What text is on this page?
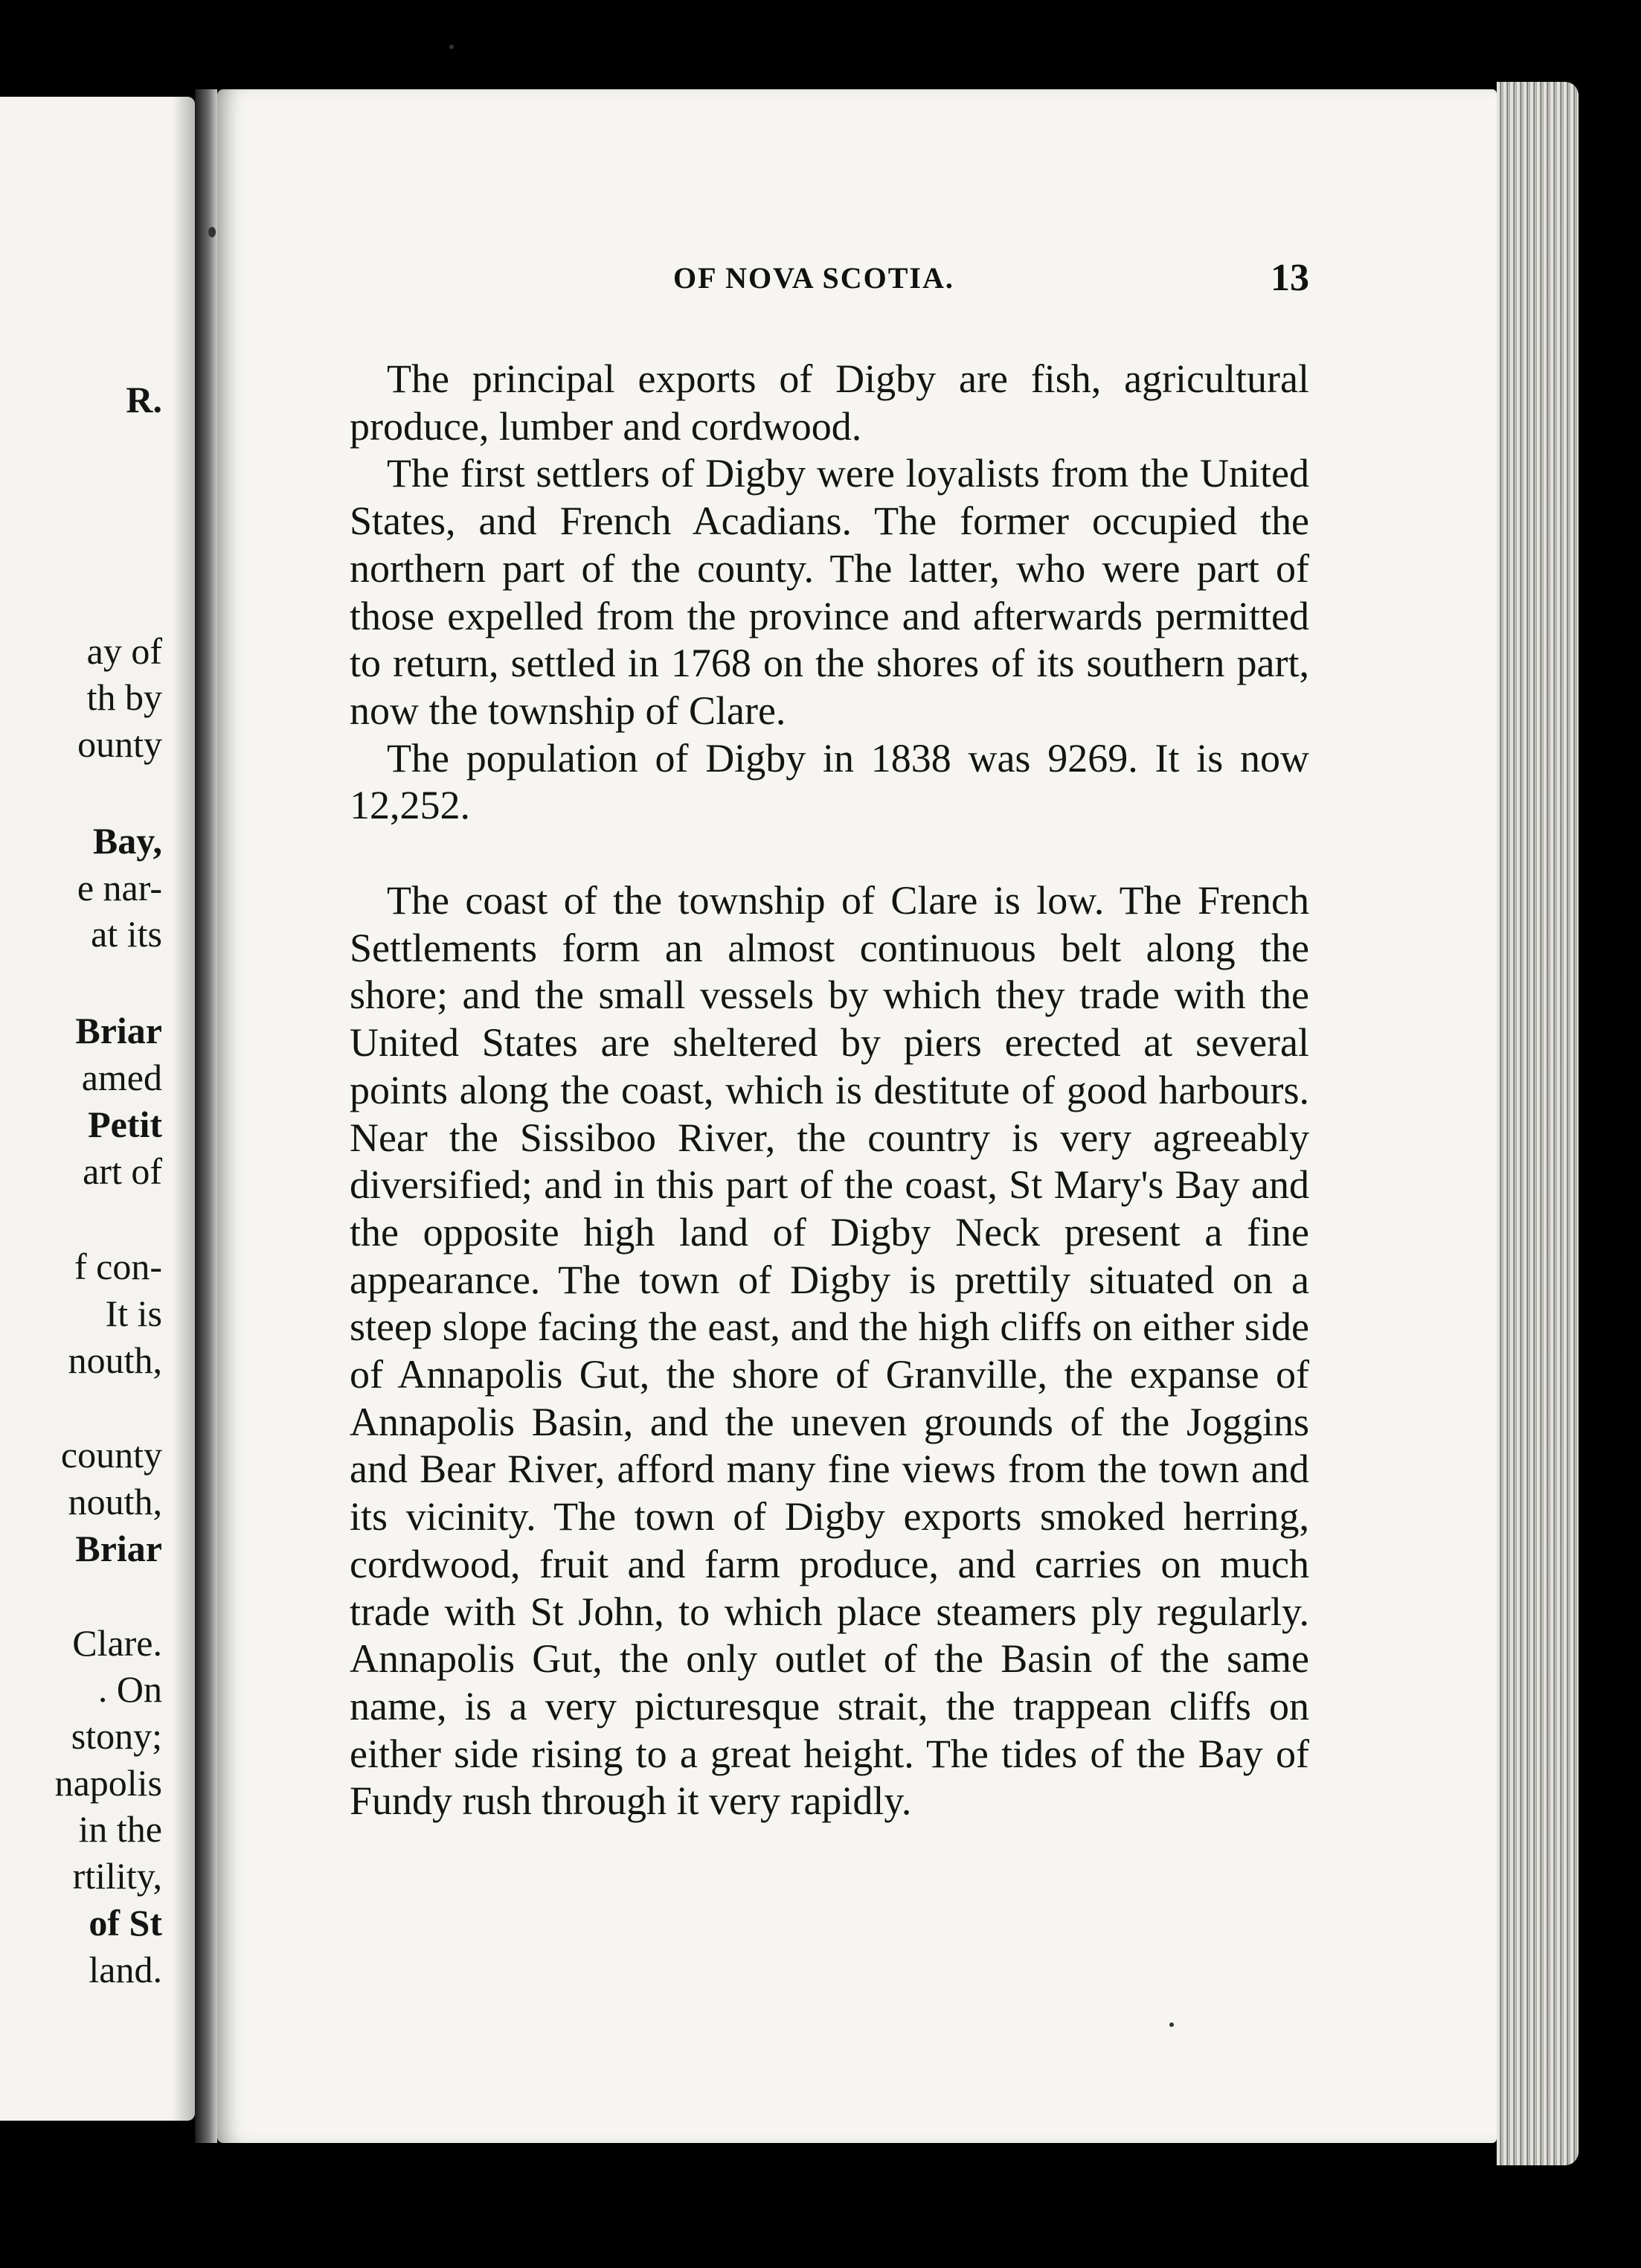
R.
ay of
th by
ounty
Bay,
e nar-
at its
Briar
amed
Petit
art of
f con-
It is
nouth,
county
nouth,
Briar
Clare.
. On
stony;
napolis
in the
rtility,
of St
land.
OF NOVA SCOTIA.	13

The principal exports of Digby are fish, agricultural produce, lumber and cordwood.

The first settlers of Digby were loyalists from the United States, and French Acadians. The former occupied the northern part of the county. The latter, who were part of those expelled from the province and afterwards permitted to return, settled in 1768 on the shores of its southern part, now the township of Clare.

The population of Digby in 1838 was 9269. It is now 12,252.

The coast of the township of Clare is low. The French Settlements form an almost continuous belt along the shore; and the small vessels by which they trade with the United States are sheltered by piers erected at several points along the coast, which is destitute of good harbours. Near the Sissiboo River, the country is very agreeably diversified; and in this part of the coast, St Mary's Bay and the opposite high land of Digby Neck present a fine appearance. The town of Digby is prettily situated on a steep slope facing the east, and the high cliffs on either side of Annapolis Gut, the shore of Granville, the expanse of Annapolis Basin, and the uneven grounds of the Joggins and Bear River, afford many fine views from the town and its vicinity. The town of Digby exports smoked herring, cordwood, fruit and farm produce, and carries on much trade with St John, to which place steamers ply regularly. Annapolis Gut, the only outlet of the Basin of the same name, is a very picturesque strait, the trappean cliffs on either side rising to a great height. The tides of the Bay of Fundy rush through it very rapidly.
